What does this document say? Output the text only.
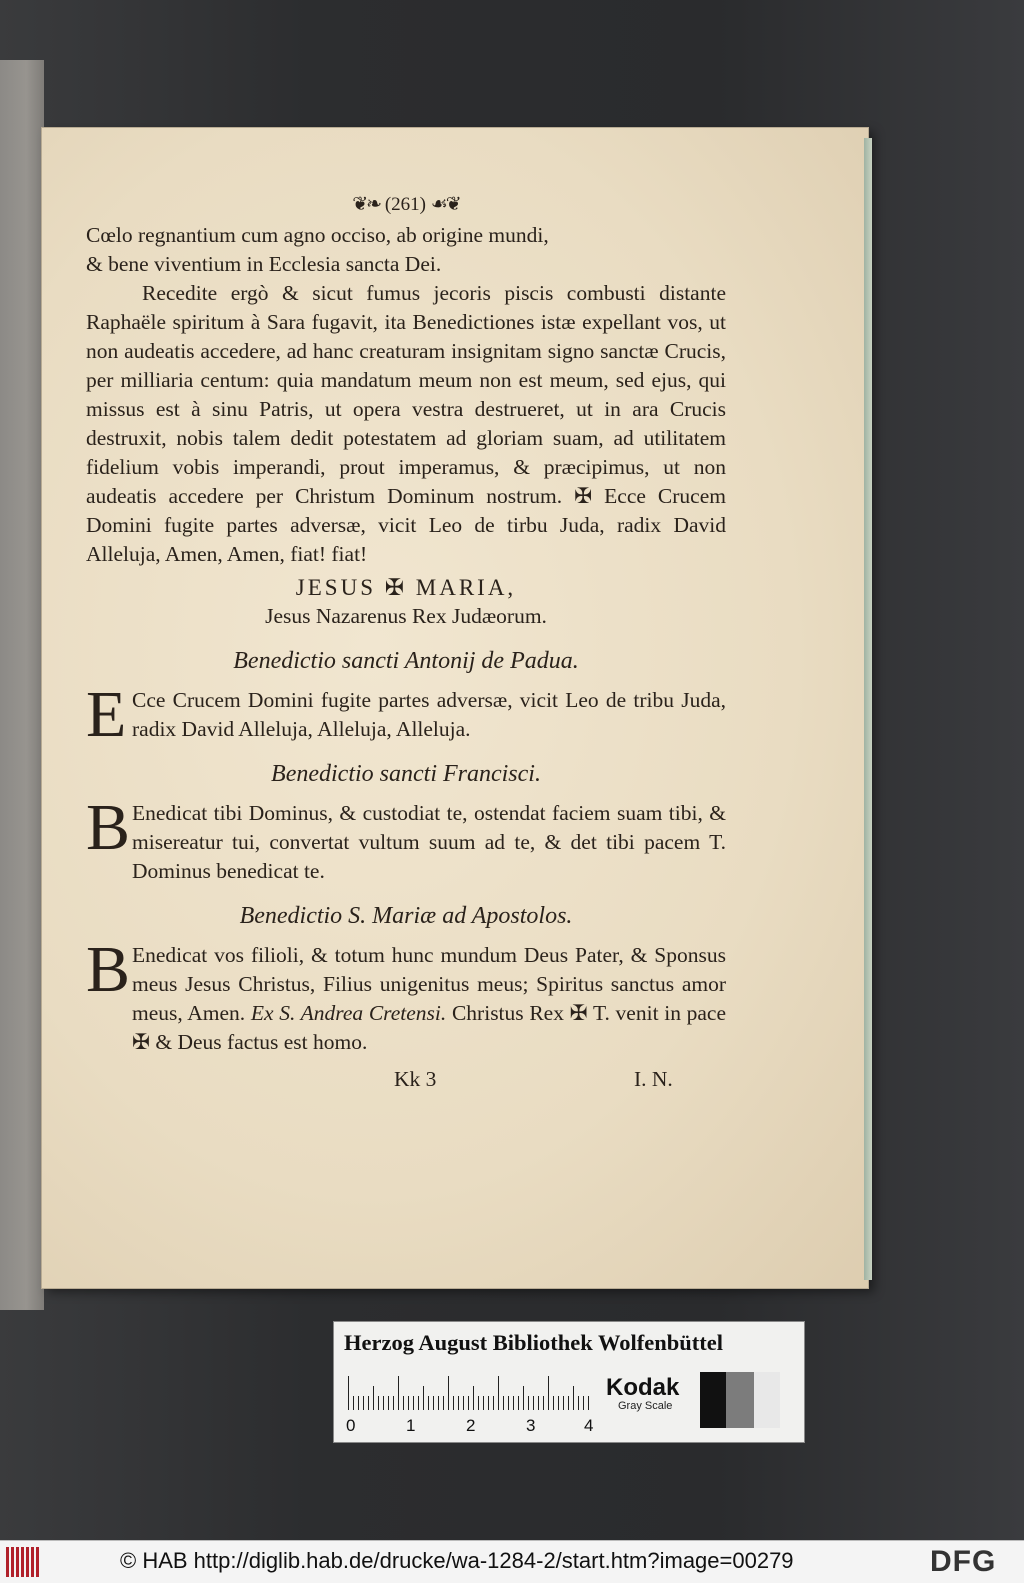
❦❧ (261) ☙❦
Cœlo regnantium cum agno occiso, ab origine mundi,
& bene viventium in Ecclesia sancta Dei.

Recedite ergò & sicut fumus jecoris piscis combusti distante Raphaële spiritum à Sara fugavit, ita Benedictiones istæ expellant vos, ut non audeatis accedere, ad hanc creaturam insignitam signo sanctæ Crucis, per milliaria centum: quia mandatum meum non est meum, sed ejus, qui missus est à sinu Patris, ut opera vestra destrueret, ut in ara Crucis destruxit, nobis talem dedit potestatem ad gloriam suam, ad utilitatem fidelium vobis imperandi, prout imperamus, & præcipimus, ut non audeatis accedere per Christum Dominum nostrum. ✠ Ecce Crucem Domini fugite partes adversæ, vicit Leo de tirbu Juda, radix David Alleluja, Amen, Amen, fiat! fiat!

JESUS ✠ MARIA,
Jesus Nazarenus Rex Judæorum.
Benedictio sancti Antonij de Padua.
E Cce Crucem Domini fugite partes adversæ, vicit Leo de tribu Juda, radix David Alleluja, Alleluja, Alleluja.
Benedictio sancti Francisci.
B Enedicat tibi Dominus, & custodiat te, ostendat faciem suam tibi, & misereatur tui, convertat vultum suum ad te, & det tibi pacem T. Dominus benedicat te.
Benedictio S. Mariæ ad Apostolos.
B Enedicat vos filioli, & totum hunc mundum Deus Pater, & Sponsus meus Jesus Christus, Filius unigenitus meus; Spiritus sanctus amor meus, Amen. Ex S. Andrea Cretensi. Christus Rex ✠ T. venit in pace ✠ & Deus factus est homo.
Kk 3	I. N.
Herzog August Bibliothek Wolfenbüttel
0	1	2	3	4
Kodak
Gray Scale
© HAB http://diglib.hab.de/drucke/wa-1284-2/start.htm?image=00279	DFG
